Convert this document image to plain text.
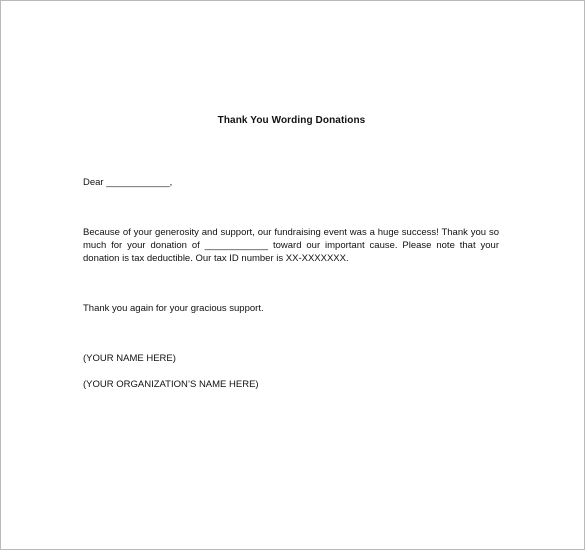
Thank You Wording Donations
Dear ____________,
Because of your generosity and support, our fundraising event was a huge success! Thank you so much for your donation of ____________ toward our important cause. Please note that your donation is tax deductible. Our tax ID number is XX-XXXXXXX.
Thank you again for your gracious support.
(YOUR NAME HERE)
(YOUR ORGANIZATION’S NAME HERE)
